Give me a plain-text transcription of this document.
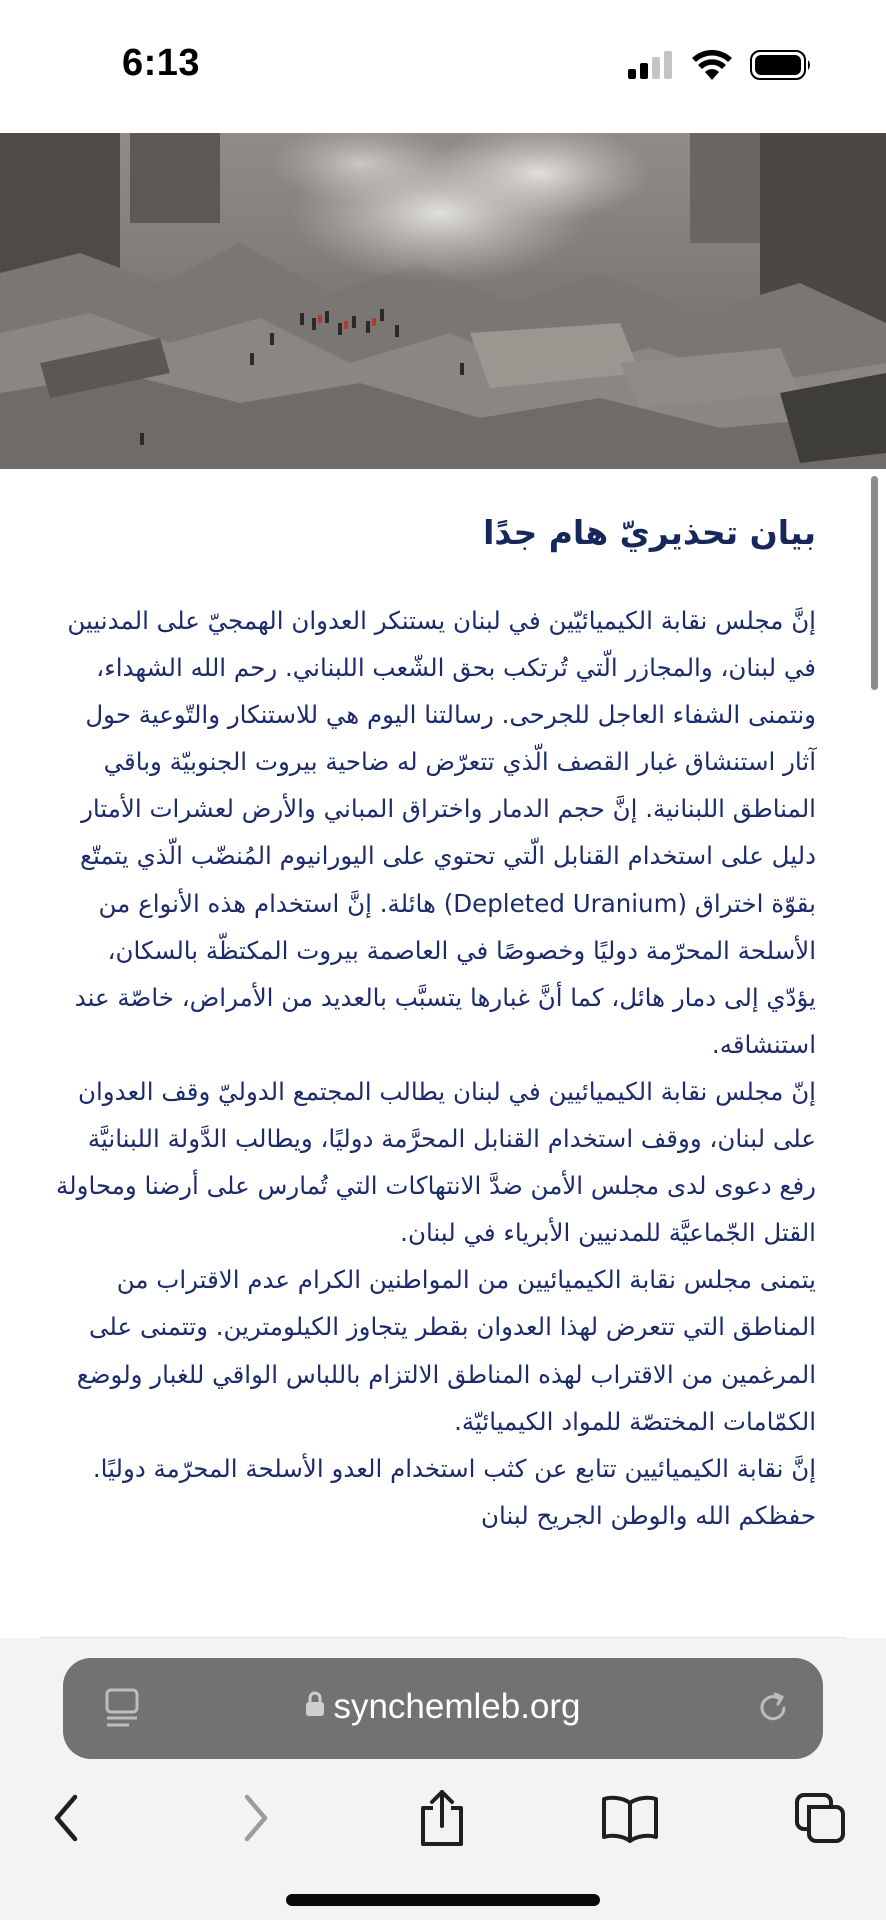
6:13
بيان تحذيريّ هام جدًا

إنَّ مجلس نقابة الكيميائيّين في لبنان يستنكر العدوان الهمجيّ على المدنيين في لبنان، والمجازر الّتي تُرتكب بحق الشّعب اللبناني. رحم الله الشهداء، ونتمنى الشفاء العاجل للجرحى. رسالتنا اليوم هي للاستنكار والتّوعية حول آثار استنشاق غبار القصف الّذي تتعرّض له ضاحية بيروت الجنوبيّة وباقي المناطق اللبنانية. إنَّ حجم الدمار واختراق المباني والأرض لعشرات الأمتار دليل على استخدام القنابل الّتي تحتوي على اليورانيوم المُنضّب الّذي يتمتّع بقوّة اختراق (Depleted Uranium) هائلة. إنَّ استخدام هذه الأنواع من الأسلحة المحرّمة دوليًا وخصوصًا في العاصمة بيروت المكتظّة بالسكان، يؤدّي إلى دمار هائل، كما أنَّ غبارها يتسبَّب بالعديد من الأمراض، خاصّة عند استنشاقه.

إنّ مجلس نقابة الكيميائيين في لبنان يطالب المجتمع الدوليّ وقف العدوان على لبنان، ووقف استخدام القنابل المحرَّمة دوليًا، ويطالب الدَّولة اللبنانيَّة رفع دعوى لدى مجلس الأمن ضدَّ الانتهاكات التي تُمارس على أرضنا ومحاولة القتل الجّماعيَّة للمدنيين الأبرياء في لبنان.

يتمنى مجلس نقابة الكيميائيين من المواطنين الكرام عدم الاقتراب من المناطق التي تتعرض لهذا العدوان بقطر يتجاوز الكيلومترين. وتتمنى على المرغمين من الاقتراب لهذه المناطق الالتزام باللباس الواقي للغبار ولوضع الكمّامات المختصّة للمواد الكيميائيّة.

إنَّ نقابة الكيميائيين تتابع عن كثب استخدام العدو الأسلحة المحرّمة دوليًا.

حفظكم الله والوطن الجريح لبنان

synchemleb.org
